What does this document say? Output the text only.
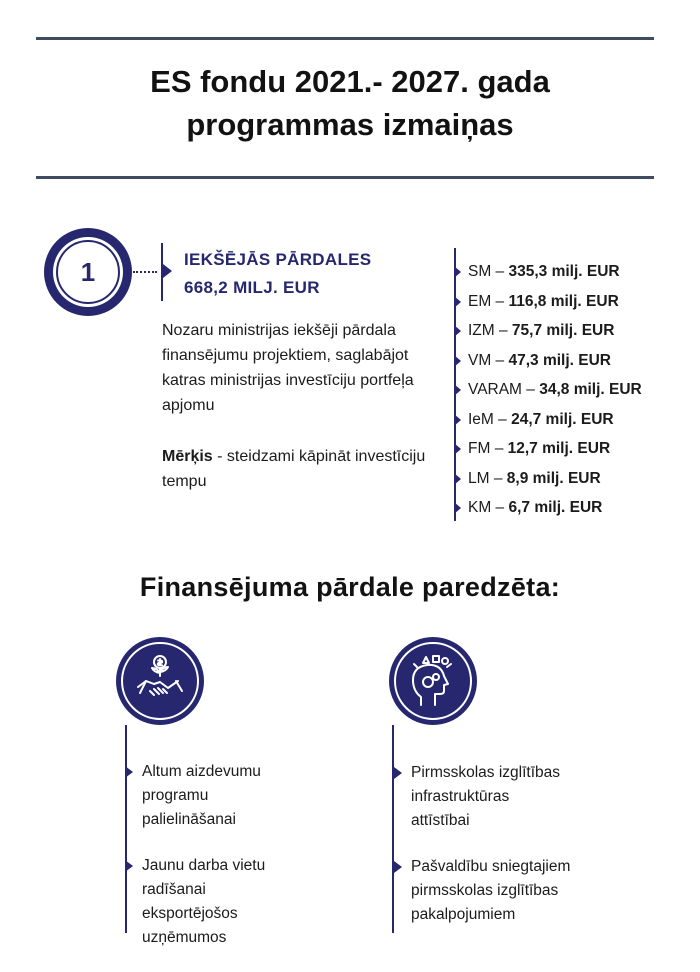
ES fondu 2021.- 2027. gada
programmas izmaiņas
1	IEKŠĒJĀS PĀRDALES
668,2 MILJ. EUR
Nozaru ministrijas iekšēji pārdala finansējumu projektiem, saglabājot katras ministrijas investīciju portfeļa apjomu
Mērķis - steidzami kāpināt investīciju tempu
SM – 335,3 milj. EUR
EM – 116,8 milj. EUR
IZM – 75,7 milj. EUR
VM – 47,3 milj. EUR
VARAM – 34,8 milj. EUR
IeM – 24,7 milj. EUR
FM – 12,7 milj. EUR
LM – 8,9 milj. EUR
KM – 6,7 milj. EUR
Finansējuma pārdale paredzēta:
Altum aizdevumu
programu
palielināšanai
Jaunu darba vietu
radīšanai
eksportējošos
uzņēmumos
Pirmsskolas izglītības
infrastruktūras
attīstībai
Pašvaldību sniegtajiem
pirmsskolas izglītības
pakalpojumiem
